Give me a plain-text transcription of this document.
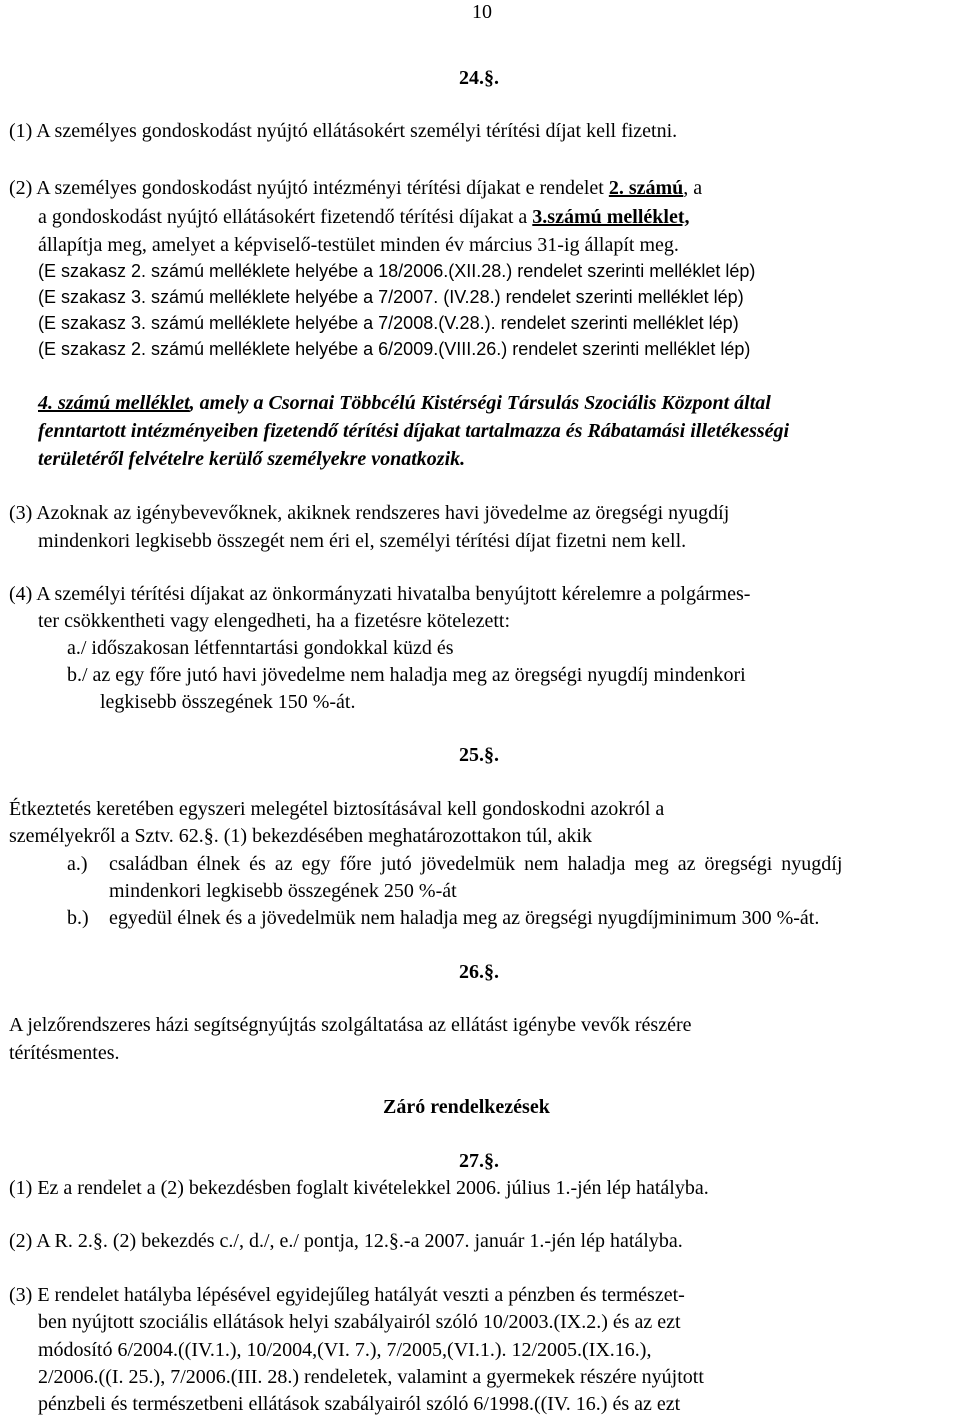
10
24.§.
(1) A személyes gondoskodást nyújtó ellátásokért személyi térítési díjat kell fizetni.
(2) A személyes gondoskodást nyújtó intézményi térítési díjakat e rendelet 2. számú, a
a gondoskodást nyújtó ellátásokért fizetendő térítési díjakat a 3.számú melléklet,
állapítja meg, amelyet a képviselő-testület minden év március 31-ig állapít meg.
(E szakasz 2. számú melléklete helyébe a 18/2006.(XII.28.) rendelet szerinti melléklet lép)
(E szakasz 3. számú melléklete helyébe a 7/2007. (IV.28.) rendelet szerinti melléklet lép)
(E szakasz 3. számú melléklete helyébe a 7/2008.(V.28.). rendelet szerinti melléklet lép)
(E szakasz 2. számú melléklete helyébe a 6/2009.(VIII.26.) rendelet szerinti melléklet lép)
4. számú melléklet, amely a Csornai Többcélú Kistérségi Társulás Szociális Központ által
fenntartott intézményeiben fizetendő térítési díjakat tartalmazza és Rábatamási illetékességi
területéről felvételre kerülő személyekre vonatkozik.
(3) Azoknak az igénybevevőknek, akiknek rendszeres havi jövedelme az öregségi nyugdíj
mindenkori legkisebb összegét nem éri el, személyi térítési díjat fizetni nem kell.
(4) A személyi térítési díjakat az önkormányzati hivatalba benyújtott kérelemre a polgármes-
ter csökkentheti vagy elengedheti, ha a fizetésre kötelezett:
a./ időszakosan létfenntartási gondokkal küzd és
b./ az egy főre jutó havi jövedelme nem haladja meg az öregségi nyugdíj mindenkori
legkisebb összegének 150 %-át.
25.§.
Étkeztetés keretében egyszeri melegétel biztosításával kell gondoskodni azokról a
személyekről a Sztv. 62.§. (1) bekezdésében meghatározottakon túl, akik
a.) családban élnek és az egy főre jutó jövedelmük nem haladja meg az öregségi nyugdíj
mindenkori legkisebb összegének 250 %-át
b.) egyedül élnek és a jövedelmük nem haladja meg az öregségi nyugdíjminimum 300 %-át.
26.§.
A jelzőrendszeres házi segítségnyújtás szolgáltatása az ellátást igénybe vevők részére
térítésmentes.
Záró rendelkezések
27.§.
(1) Ez a rendelet a (2) bekezdésben foglalt kivételekkel 2006. július 1.-jén lép hatályba.
(2) A R. 2.§. (2) bekezdés c./, d./, e./ pontja, 12.§.-a 2007. január 1.-jén lép hatályba.
(3) E rendelet hatályba lépésével egyidejűleg hatályát veszti a pénzben és természet-
ben nyújtott szociális ellátások helyi szabályairól szóló 10/2003.(IX.2.) és az ezt
módosító 6/2004.((IV.1.), 10/2004,(VI. 7.), 7/2005,(VI.1.). 12/2005.(IX.16.),
2/2006.((I. 25.), 7/2006.(III. 28.) rendeletek, valamint a gyermekek részére nyújtott
pénzbeli és természetbeni ellátások szabályairól szóló 6/1998.((IV. 16.) és az ezt
